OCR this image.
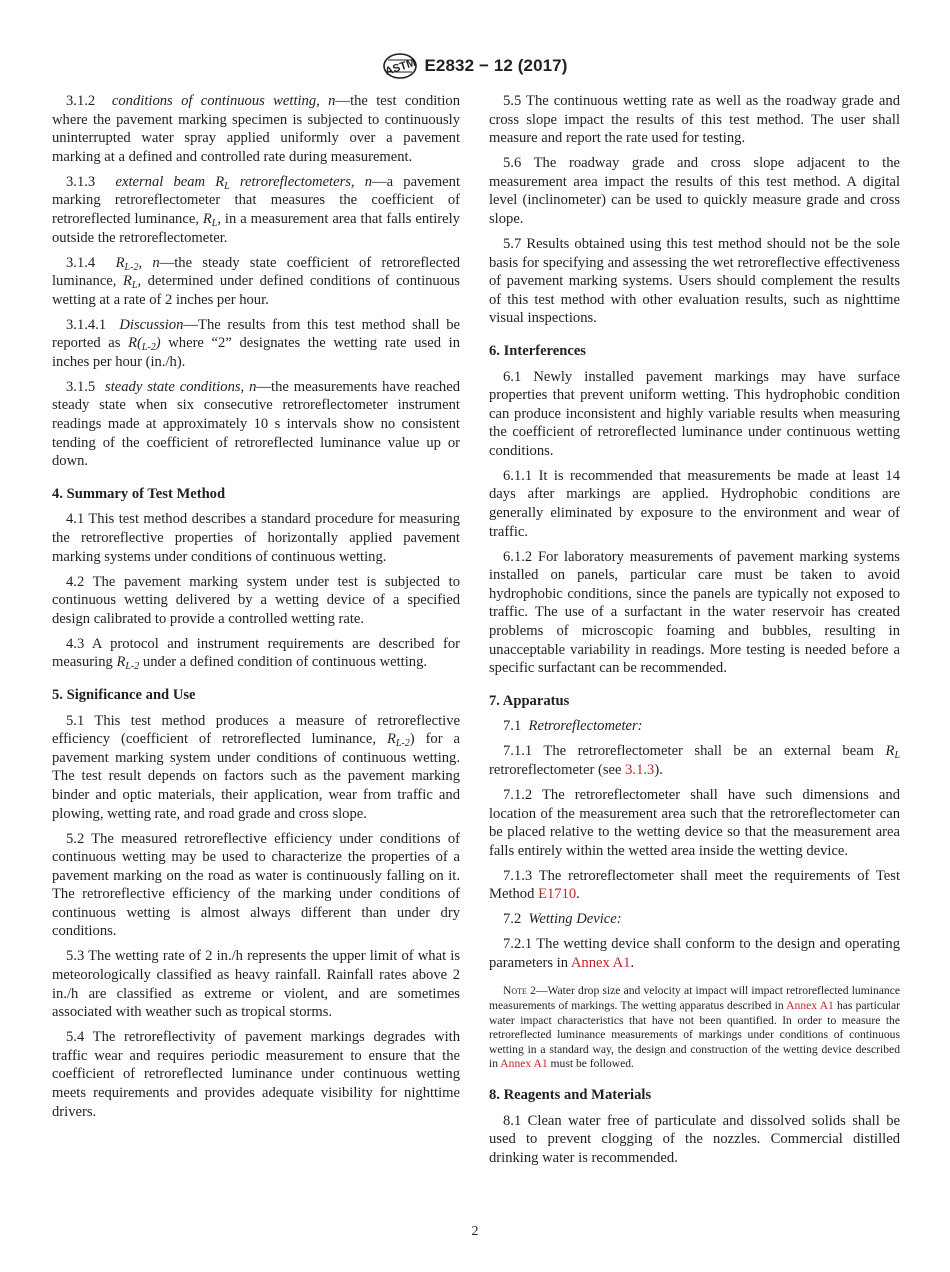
ASTM E2832 − 12 (2017)

3.1.2 conditions of continuous wetting, n—the test condition where the pavement marking specimen is subjected to continuously uninterrupted water spray applied uniformly over a pavement marking at a defined and controlled rate during measurement.

3.1.3 external beam $R_L$ retroreflectometers, n—a pavement marking retroreflectometer that measures the coefficient of retroreflected luminance, $R_L$, in a measurement area that falls entirely outside the retroreflectometer.

3.1.4 $R_{L-2}$, n—the steady state coefficient of retroreflected luminance, $R_L$, determined under defined conditions of continuous wetting at a rate of 2 inches per hour.

3.1.4.1 Discussion—The results from this test method shall be reported as $R(_{L-2})$ where “2” designates the wetting rate used in inches per hour (in./h).

3.1.5 steady state conditions, n—the measurements have reached steady state when six consecutive retroreflectometer instrument readings made at approximately 10 s intervals show no consistent tending of the coefficient of retroreflected luminance value up or down.

4. Summary of Test Method

4.1 This test method describes a standard procedure for measuring the retroreflective properties of horizontally applied pavement marking systems under conditions of continuous wetting.

4.2 The pavement marking system under test is subjected to continuous wetting delivered by a wetting device of a specified design calibrated to provide a controlled wetting rate.

4.3 A protocol and instrument requirements are described for measuring $R_{L-2}$ under a defined condition of continuous wetting.

5. Significance and Use

5.1 This test method produces a measure of retroreflective efficiency (coefficient of retroreflected luminance, $R_{L-2}$) for a pavement marking system under conditions of continuous wetting. The test result depends on factors such as the pavement marking binder and optic materials, their application, wear from traffic and plowing, wetting rate, and road grade and cross slope.

5.2 The measured retroreflective efficiency under conditions of continuous wetting may be used to characterize the properties of a pavement marking on the road as water is continuously falling on it. The retroreflective efficiency of the marking under conditions of continuous wetting is almost always different than under dry conditions.

5.3 The wetting rate of 2 in./h represents the upper limit of what is meteorologically classified as heavy rainfall. Rainfall rates above 2 in./h are classified as extreme or violent, and are sometimes associated with weather such as tropical storms.

5.4 The retroreflectivity of pavement markings degrades with traffic wear and requires periodic measurement to ensure that the coefficient of retroreflected luminance under continuous wetting meets requirements and provides adequate visibility for nighttime drivers.

5.5 The continuous wetting rate as well as the roadway grade and cross slope impact the results of this test method. The user shall measure and report the rate used for testing.

5.6 The roadway grade and cross slope adjacent to the measurement area impact the results of this test method. A digital level (inclinometer) can be used to quickly measure grade and cross slope.

5.7 Results obtained using this test method should not be the sole basis for specifying and assessing the wet retroreflective effectiveness of pavement marking systems. Users should complement the results of this test method with other evaluation results, such as nighttime visual inspections.

6. Interferences

6.1 Newly installed pavement markings may have surface properties that prevent uniform wetting. This hydrophobic condition can produce inconsistent and highly variable results when measuring the coefficient of retroreflected luminance under continuous wetting conditions.

6.1.1 It is recommended that measurements be made at least 14 days after markings are applied. Hydrophobic conditions are generally eliminated by exposure to the environment and wear of traffic.

6.1.2 For laboratory measurements of pavement marking systems installed on panels, particular care must be taken to avoid hydrophobic conditions, since the panels are typically not exposed to traffic. The use of a surfactant in the water reservoir has created problems of microscopic foaming and bubbles, resulting in unacceptable variability in readings. More testing is needed before a specific surfactant can be recommended.

7. Apparatus

7.1 Retroreflectometer:

7.1.1 The retroreflectometer shall be an external beam $R_L$ retroreflectometer (see 3.1.3).

7.1.2 The retroreflectometer shall have such dimensions and location of the measurement area such that the retroreflectometer can be placed relative to the wetting device so that the measurement area falls entirely within the wetted area inside the wetting device.

7.1.3 The retroreflectometer shall meet the requirements of Test Method E1710.

7.2 Wetting Device:

7.2.1 The wetting device shall conform to the design and operating parameters in Annex A1.

Note 2—Water drop size and velocity at impact will impact retroreflected luminance measurements of markings. The wetting apparatus described in Annex A1 has particular water impact characteristics that have not been quantified. In order to measure the retroreflected luminance measurements of markings under conditions of continuous wetting in a standard way, the design and construction of the wetting device described in Annex A1 must be followed.

8. Reagents and Materials

8.1 Clean water free of particulate and dissolved solids shall be used to prevent clogging of the nozzles. Commercial distilled drinking water is recommended.

2
